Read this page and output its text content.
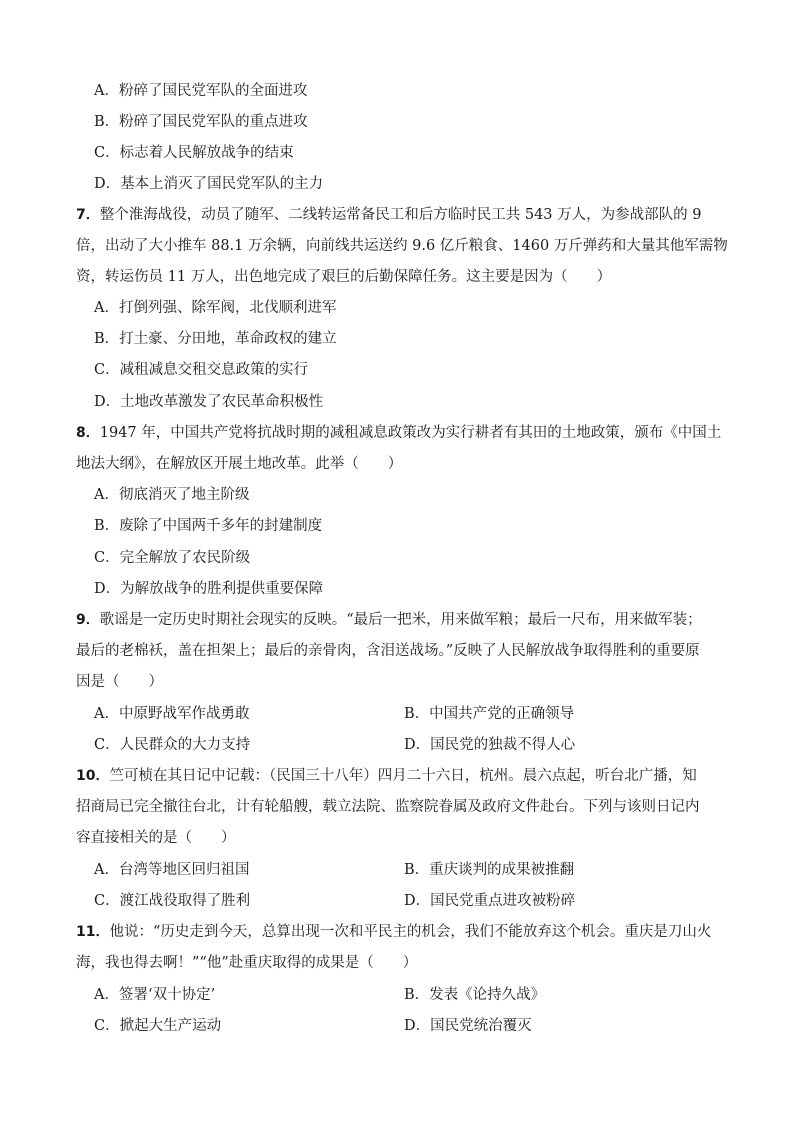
A．粉碎了国民党军队的全面进攻
B．粉碎了国民党军队的重点进攻
C．标志着人民解放战争的结束
D．基本上消灭了国民党军队的主力
7．整个淮海战役，动员了随军、二线转运常备民工和后方临时民工共 543 万人，为参战部队的 9
倍，出动了大小推车 88.1 万余辆，向前线共运送约 9.6 亿斤粮食、1460 万斤弹药和大量其他军需物
资，转运伤员 11 万人，出色地完成了艰巨的后勤保障任务。这主要是因为（　　）
A．打倒列强、除军阀，北伐顺利进军
B．打土豪、分田地，革命政权的建立
C．减租减息交租交息政策的实行
D．土地改革激发了农民革命积极性
8．1947 年，中国共产党将抗战时期的减租减息政策改为实行耕者有其田的土地政策，颁布《中国土
地法大纲》，在解放区开展土地改革。此举（　　）
A．彻底消灭了地主阶级
B．废除了中国两千多年的封建制度
C．完全解放了农民阶级
D．为解放战争的胜利提供重要保障
9．歌谣是一定历史时期社会现实的反映。“最后一把米，用来做军粮；最后一尺布，用来做军装；
最后的老棉袄，盖在担架上；最后的亲骨肉，含泪送战场。”反映了人民解放战争取得胜利的重要原
因是（　　）
A．中原野战军作战勇敢	B．中国共产党的正确领导
C．人民群众的大力支持	D．国民党的独裁不得人心
10．竺可桢在其日记中记载：（民国三十八年）四月二十六日，杭州。晨六点起，听台北广播，知
招商局已完全撤往台北，计有轮船艘，载立法院、监察院眷属及政府文件赴台。下列与该则日记内
容直接相关的是（　　）
A．台湾等地区回归祖国	B．重庆谈判的成果被推翻
C．渡江战役取得了胜利	D．国民党重点进攻被粉碎
11．他说：“历史走到今天，总算出现一次和平民主的机会，我们不能放弃这个机会。重庆是刀山火
海，我也得去啊！”“他”赴重庆取得的成果是（　　）
A．签署‘双十协定’	B．发表《论持久战》
C．掀起大生产运动	D．国民党统治覆灭
